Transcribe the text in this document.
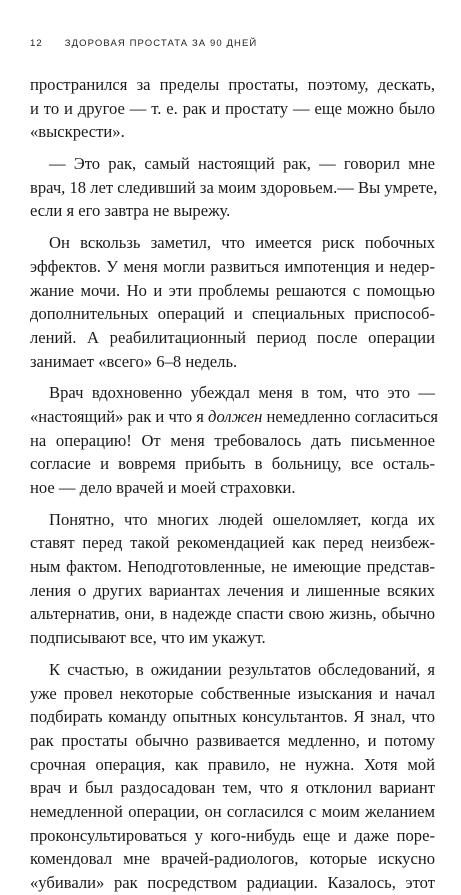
12 ЗДОРОВАЯ ПРОСТАТА ЗА 90 ДНЕЙ
пространился за пределы простаты, поэтому, дескать,
и то и другое — т. е. рак и простату — еще можно было
«выскрести».
— Это рак, самый настоящий рак, — говорил мне
врач, 18 лет следивший за моим здоровьем.— Вы умрете,
если я его завтра не вырежу.
Он вскользь заметил, что имеется риск побочных
эффектов. У меня могли развиться импотенция и недер-
жание мочи. Но и эти проблемы решаются с помощью
дополнительных операций и специальных приспособ-
лений. А реабилитационный период после операции
занимает «всего» 6–8 недель.
Врач вдохновенно убеждал меня в том, что это —
«настоящий» рак и что я должен немедленно согласиться
на операцию! От меня требовалось дать письменное
согласие и вовремя прибыть в больницу, все осталь-
ное — дело врачей и моей страховки.
Понятно, что многих людей ошеломляет, когда их
ставят перед такой рекомендацией как перед неизбеж-
ным фактом. Неподготовленные, не имеющие представ-
ления о других вариантах лечения и лишенные всяких
альтернатив, они, в надежде спасти свою жизнь, обычно
подписывают все, что им укажут.
К счастью, в ожидании результатов обследований, я
уже провел некоторые собственные изыскания и начал
подбирать команду опытных консультантов. Я знал, что
рак простаты обычно развивается медленно, и потому
срочная операция, как правило, не нужна. Хотя мой
врач и был раздосадован тем, что я отклонил вариант
немедленной операции, он согласился с моим желанием
проконсультироваться у кого-нибудь еще и даже поре-
комендовал мне врачей-радиологов, которые искусно
«убивали» рак посредством радиации. Казалось, этот
